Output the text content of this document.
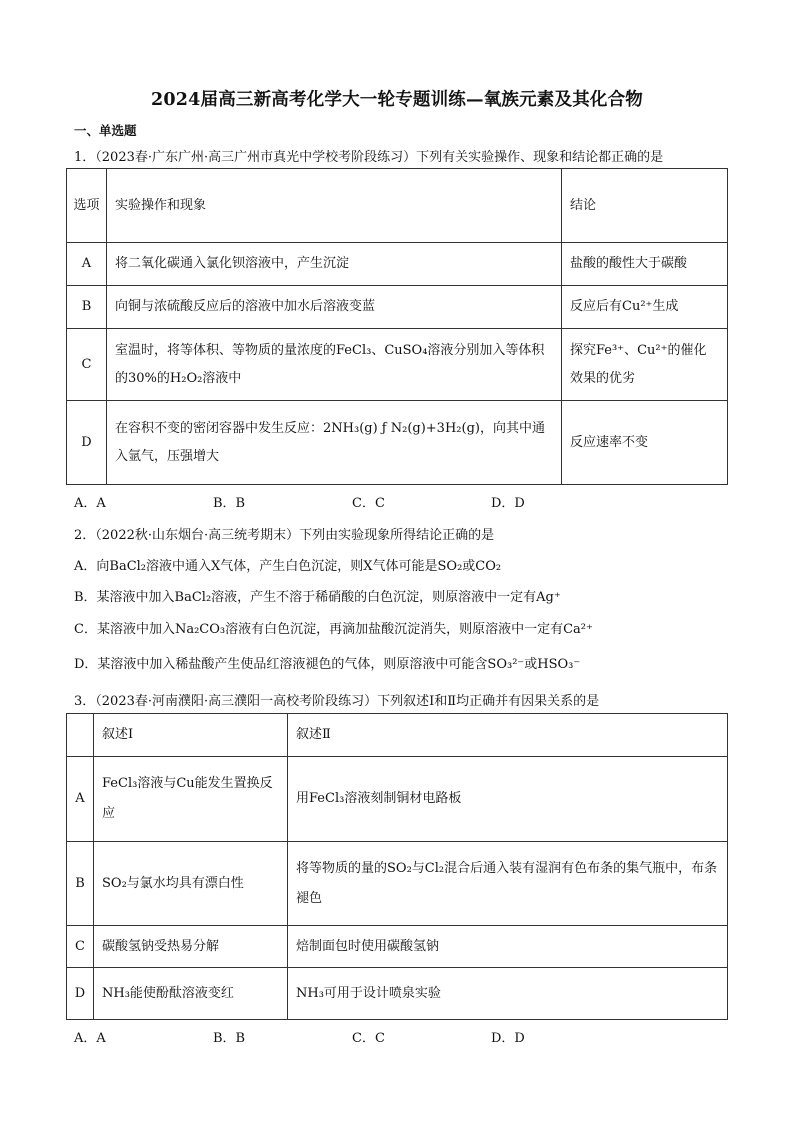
2024届高三新高考化学大一轮专题训练—氧族元素及其化合物
一、单选题
1．（2023春·广东广州·高三广州市真光中学校考阶段练习）下列有关实验操作、现象和结论都正确的是
选项	实验操作和现象	结论
A	将二氧化碳通入氯化钡溶液中，产生沉淀	盐酸的酸性大于碳酸
B	向铜与浓硫酸反应后的溶液中加水后溶液变蓝	反应后有Cu²⁺生成
C	室温时，将等体积、等物质的量浓度的FeCl₃、CuSO₄溶液分别加入等体积的30%的H₂O₂溶液中	探究Fe³⁺、Cu²⁺的催化效果的优劣
D	在容积不变的密闭容器中发生反应：2NH₃(g) ƒ N₂(g)+3H₂(g)，向其中通入氩气，压强增大	反应速率不变
A．A	B．B	C．C	D．D
2．（2022秋·山东烟台·高三统考期末）下列由实验现象所得结论正确的是
A．向BaCl₂溶液中通入X气体，产生白色沉淀，则X气体可能是SO₂或CO₂
B．某溶液中加入BaCl₂溶液，产生不溶于稀硝酸的白色沉淀，则原溶液中一定有Ag⁺
C．某溶液中加入Na₂CO₃溶液有白色沉淀，再滴加盐酸沉淀消失，则原溶液中一定有Ca²⁺
D．某溶液中加入稀盐酸产生使品红溶液褪色的气体，则原溶液中可能含SO₃²⁻或HSO₃⁻
3．（2023春·河南濮阳·高三濮阳一高校考阶段练习）下列叙述Ⅰ和Ⅱ均正确并有因果关系的是
	叙述Ⅰ	叙述Ⅱ
A	FeCl₃溶液与Cu能发生置换反应	用FeCl₃溶液刻制铜材电路板
B	SO₂与氯水均具有漂白性	将等物质的量的SO₂与Cl₂混合后通入装有湿润有色布条的集气瓶中，布条褪色
C	碳酸氢钠受热易分解	焙制面包时使用碳酸氢钠
D	NH₃能使酚酞溶液变红	NH₃可用于设计喷泉实验
A．A	B．B	C．C	D．D
